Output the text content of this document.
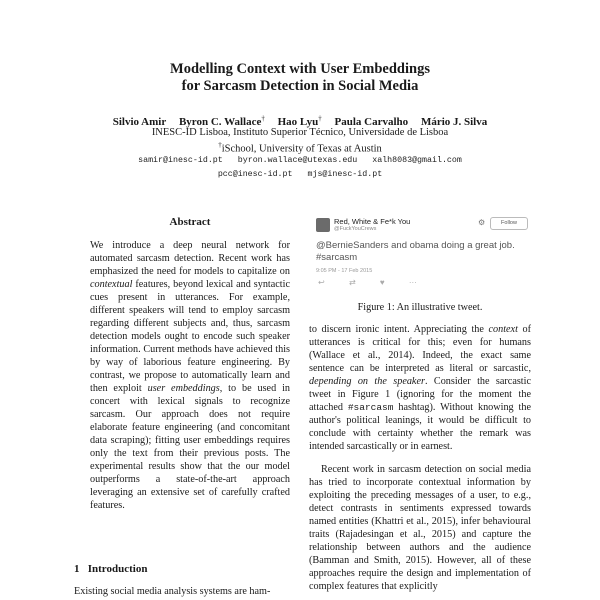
Modelling Context with User Embeddings
for Sarcasm Detection in Social Media
Silvio Amir Byron C. Wallace† Hao Lyu† Paula Carvalho Mário J. Silva
INESC-ID Lisboa, Instituto Superior Técnico, Universidade de Lisboa
†iSchool, University of Texas at Austin
samir@inesc-id.pt byron.wallace@utexas.edu xalh8083@gmail.com
pcc@inesc-id.pt mjs@inesc-id.pt
Abstract
We introduce a deep neural network for automated sarcasm detection. Recent work has emphasized the need for models to capitalize on contextual features, beyond lexical and syntactic cues present in utterances. For example, different speakers will tend to employ sarcasm regarding different subjects and, thus, sarcasm detection models ought to encode such speaker information. Current methods have achieved this by way of laborious feature engineering. By contrast, we propose to automatically learn and then exploit user embeddings, to be used in concert with lexical signals to recognize sarcasm. Our approach does not require elaborate feature engineering (and concomitant data scraping); fitting user embeddings requires only the text from their previous posts. The experimental results show that the our model outperforms a state-of-the-art approach leveraging an extensive set of carefully crafted features.
1 Introduction
Existing social media analysis systems are ham-
Red, White & Fe*k You
@FuckYouCrews
⚙	Follow
@BernieSanders and obama doing a great job. #sarcasm
9:05 PM - 17 Feb 2015
↩	⇄	♥	···
Figure 1: An illustrative tweet.
to discern ironic intent. Appreciating the context of utterances is critical for this; even for humans (Wallace et al., 2014). Indeed, the exact same sentence can be interpreted as literal or sarcastic, depending on the speaker. Consider the sarcastic tweet in Figure 1 (ignoring for the moment the attached #sarcasm hashtag). Without knowing the author's political leanings, it would be difficult to conclude with certainty whether the remark was intended sarcastically or in earnest.
Recent work in sarcasm detection on social media has tried to incorporate contextual information by exploiting the preceding messages of a user, to e.g., detect contrasts in sentiments expressed towards named entities (Khattri et al., 2015), infer behavioural traits (Rajadesingan et al., 2015) and capture the relationship between authors and the audience (Bamman and Smith, 2015). However, all of these approaches require the design and implementation of complex features that explicitly
